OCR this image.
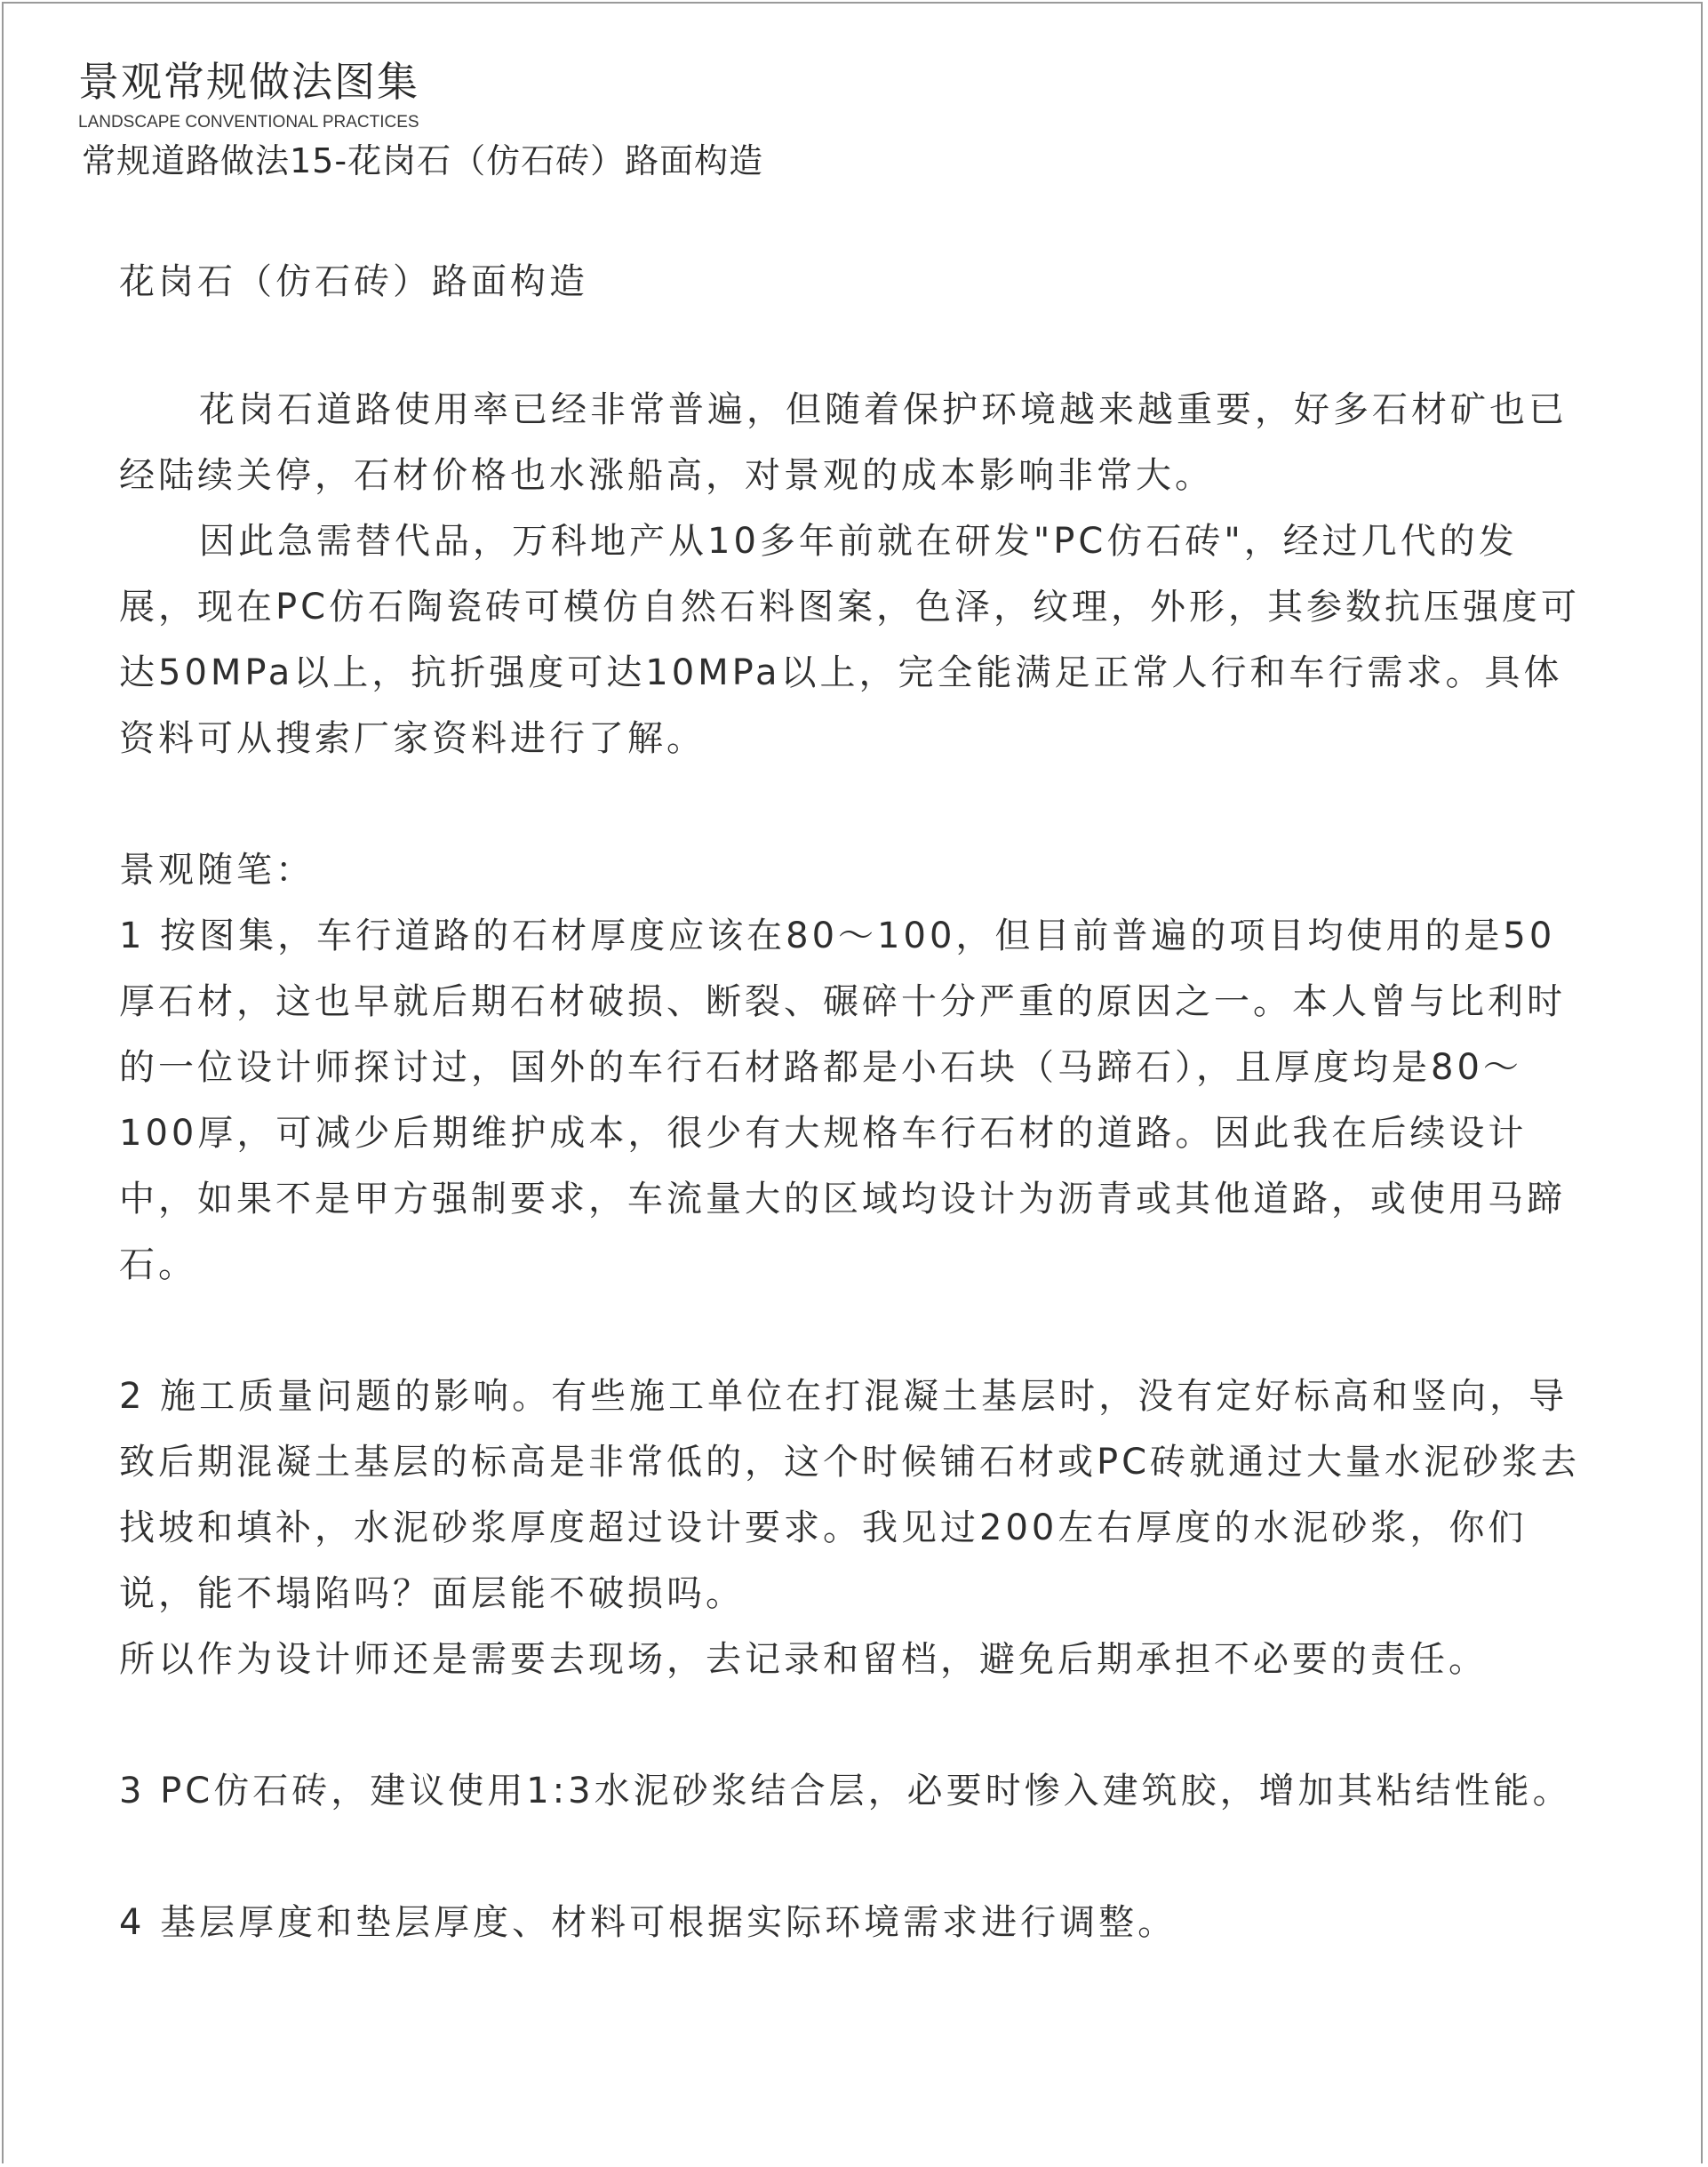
景观常规做法图集
LANDSCAPE CONVENTIONAL PRACTICES
常规道路做法15-花岗石（仿石砖）路面构造

花岗石（仿石砖）路面构造

花岗石道路使用率已经非常普遍，但随着保护环境越来越重要，好多石材矿也已经陆续关停，石材价格也水涨船高，对景观的成本影响非常大。

因此急需替代品，万科地产从10多年前就在研发"PC仿石砖"，经过几代的发展，现在PC仿石陶瓷砖可模仿自然石料图案，色泽，纹理，外形，其参数抗压强度可达50MPa以上，抗折强度可达10MPa以上，完全能满足正常人行和车行需求。具体资料可从搜索厂家资料进行了解。

景观随笔：

1 按图集，车行道路的石材厚度应该在80～100，但目前普遍的项目均使用的是50厚石材，这也早就后期石材破损、断裂、碾碎十分严重的原因之一。本人曾与比利时的一位设计师探讨过，国外的车行石材路都是小石块（马蹄石），且厚度均是80～100厚，可减少后期维护成本，很少有大规格车行石材的道路。因此我在后续设计中，如果不是甲方强制要求，车流量大的区域均设计为沥青或其他道路，或使用马蹄石。

2 施工质量问题的影响。有些施工单位在打混凝土基层时，没有定好标高和竖向，导致后期混凝土基层的标高是非常低的，这个时候铺石材或PC砖就通过大量水泥砂浆去找坡和填补，水泥砂浆厚度超过设计要求。我见过200左右厚度的水泥砂浆，你们说，能不塌陷吗？面层能不破损吗。

所以作为设计师还是需要去现场，去记录和留档，避免后期承担不必要的责任。

3 PC仿石砖，建议使用1:3水泥砂浆结合层，必要时惨入建筑胶，增加其粘结性能。

4 基层厚度和垫层厚度、材料可根据实际环境需求进行调整。
